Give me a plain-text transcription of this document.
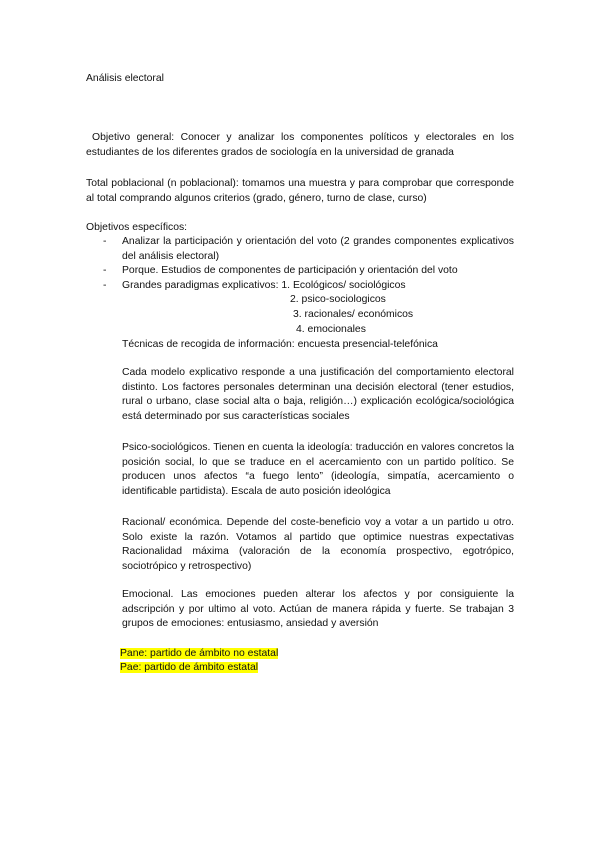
Análisis electoral
Objetivo general: Conocer y analizar los componentes políticos y electorales en los estudiantes de los diferentes grados de sociología en la universidad de granada
Total poblacional (n poblacional): tomamos una muestra y para comprobar que corresponde al total comprando algunos criterios (grado, género, turno de clase, curso)
Objetivos específicos:
- Analizar la participación y orientación del voto (2 grandes componentes explicativos del análisis electoral)
- Porque. Estudios de componentes de participación y orientación del voto
- Grandes paradigmas explicativos: 1. Ecológicos/ sociológicos
2. psico-sociologicos
3. racionales/ económicos
4. emocionales
Técnicas de recogida de información: encuesta presencial-telefónica
Cada modelo explicativo responde a una justificación del comportamiento electoral distinto. Los factores personales determinan una decisión electoral (tener estudios, rural o urbano, clase social alta o baja, religión…) explicación ecológica/sociológica está determinado por sus características sociales
Psico-sociológicos. Tienen en cuenta la ideología: traducción en valores concretos la posición social, lo que se traduce en el acercamiento con un partido político. Se producen unos afectos “a fuego lento” (ideología, simpatía, acercamiento o identificable partidista). Escala de auto posición ideológica
Racional/ económica. Depende del coste-beneficio voy a votar a un partido u otro. Solo existe la razón. Votamos al partido que optimice nuestras expectativas Racionalidad máxima (valoración de la economía prospectivo, egotrópico, sociotrópico y retrospectivo)
Emocional. Las emociones pueden alterar los afectos y por consiguiente la adscripción y por ultimo al voto. Actúan de manera rápida y fuerte. Se trabajan 3 grupos de emociones: entusiasmo, ansiedad y aversión
Pane: partido de ámbito no estatal
Pae: partido de ámbito estatal
